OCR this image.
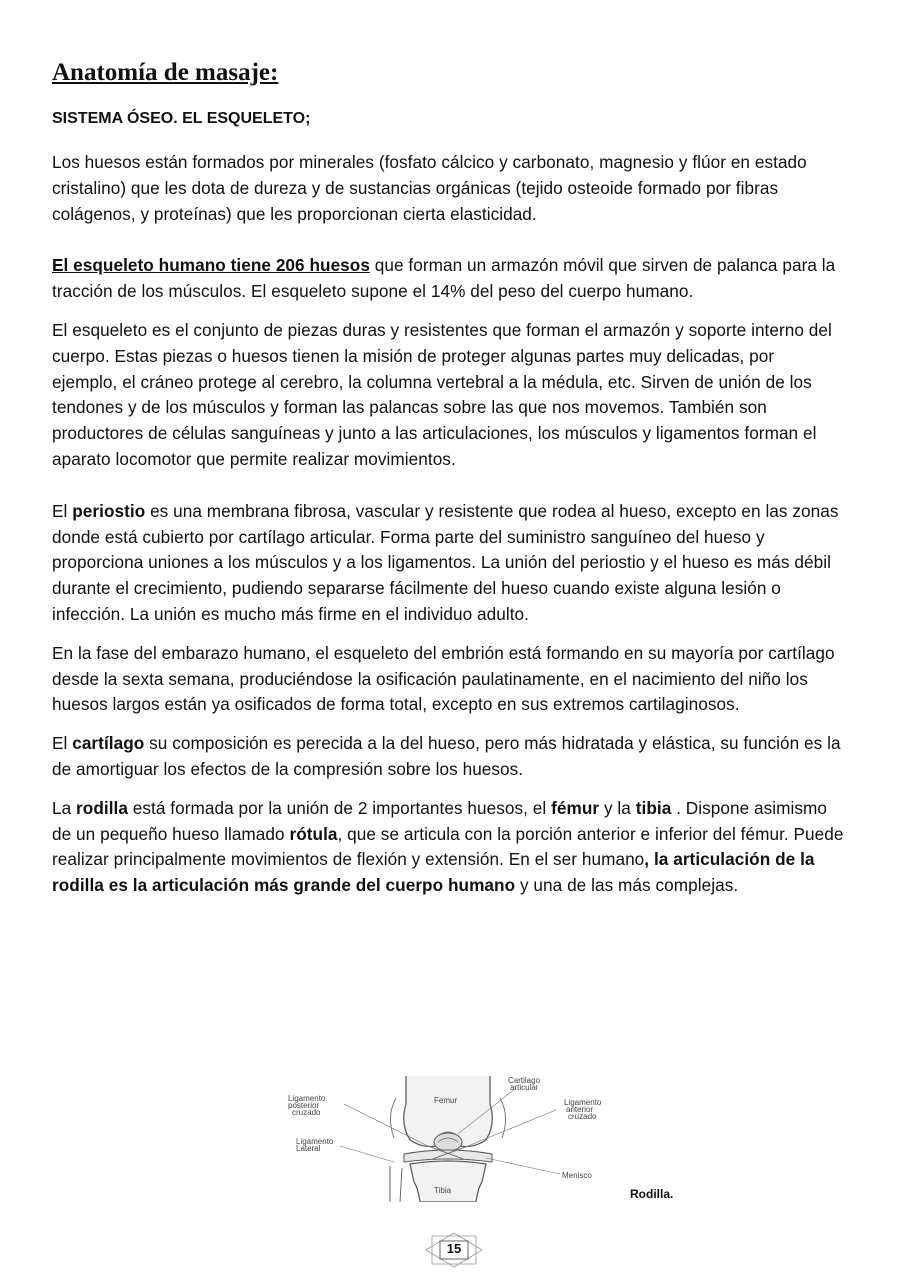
Anatomía de masaje:
SISTEMA ÓSEO. EL ESQUELETO;

Los huesos están formados por minerales (fosfato cálcico y carbonato, magnesio y flúor en estado cristalino) que les dota de dureza y de sustancias orgánicas (tejido osteoide formado por fibras colágenos, y proteínas) que les proporcionan cierta elasticidad.

El esqueleto humano tiene 206 huesos que forman un armazón móvil que sirven de palanca para la tracción de los músculos. El esqueleto supone el 14% del peso del cuerpo humano.

El esqueleto es el conjunto de piezas duras y resistentes que forman el armazón y soporte interno del cuerpo. Estas piezas o huesos tienen la misión de proteger algunas partes muy delicadas, por ejemplo, el cráneo protege al cerebro, la columna vertebral a la médula, etc. Sirven de unión de los tendones y de los músculos y forman las palancas sobre las que nos movemos. También son productores de células sanguíneas y junto a las articulaciones, los músculos y ligamentos forman el aparato locomotor que permite realizar movimientos.

El periostio es una membrana fibrosa, vascular y resistente que rodea al hueso, excepto en las zonas donde está cubierto por cartílago articular. Forma parte del suministro sanguíneo del hueso y proporciona uniones a los músculos y a los ligamentos. La unión del periostio y el hueso es más débil durante el crecimiento, pudiendo separarse fácilmente del hueso cuando existe alguna lesión o infección. La unión es mucho más firme en el individuo adulto.

En la fase del embarazo humano, el esqueleto del embrión está formando en su mayoría por cartílago desde la sexta semana, produciéndose la osificación paulatinamente, en el nacimiento del niño los huesos largos están ya osificados de forma total, excepto en sus extremos cartilaginosos.

El cartílago su composición es perecida a la del hueso, pero más hidratada y elástica, su función es la de amortiguar los efectos de la compresión sobre los huesos.

La rodilla está formada por la unión de 2 importantes huesos, el fémur y la tibia . Dispone asimismo de un pequeño hueso llamado rótula, que se articula con la porción anterior e inferior del fémur. Puede realizar principalmente movimientos de flexión y extensión. En el ser humano, la articulación de la rodilla es la articulación más grande del cuerpo humano y una de las más complejas.

Cartilago
articular
Ligamento
posterior
cruzado
Femur	Ligamento
anterior
cruzado
Ligamento
Lateral
Menisco
Tibia	Rodilla.
15
